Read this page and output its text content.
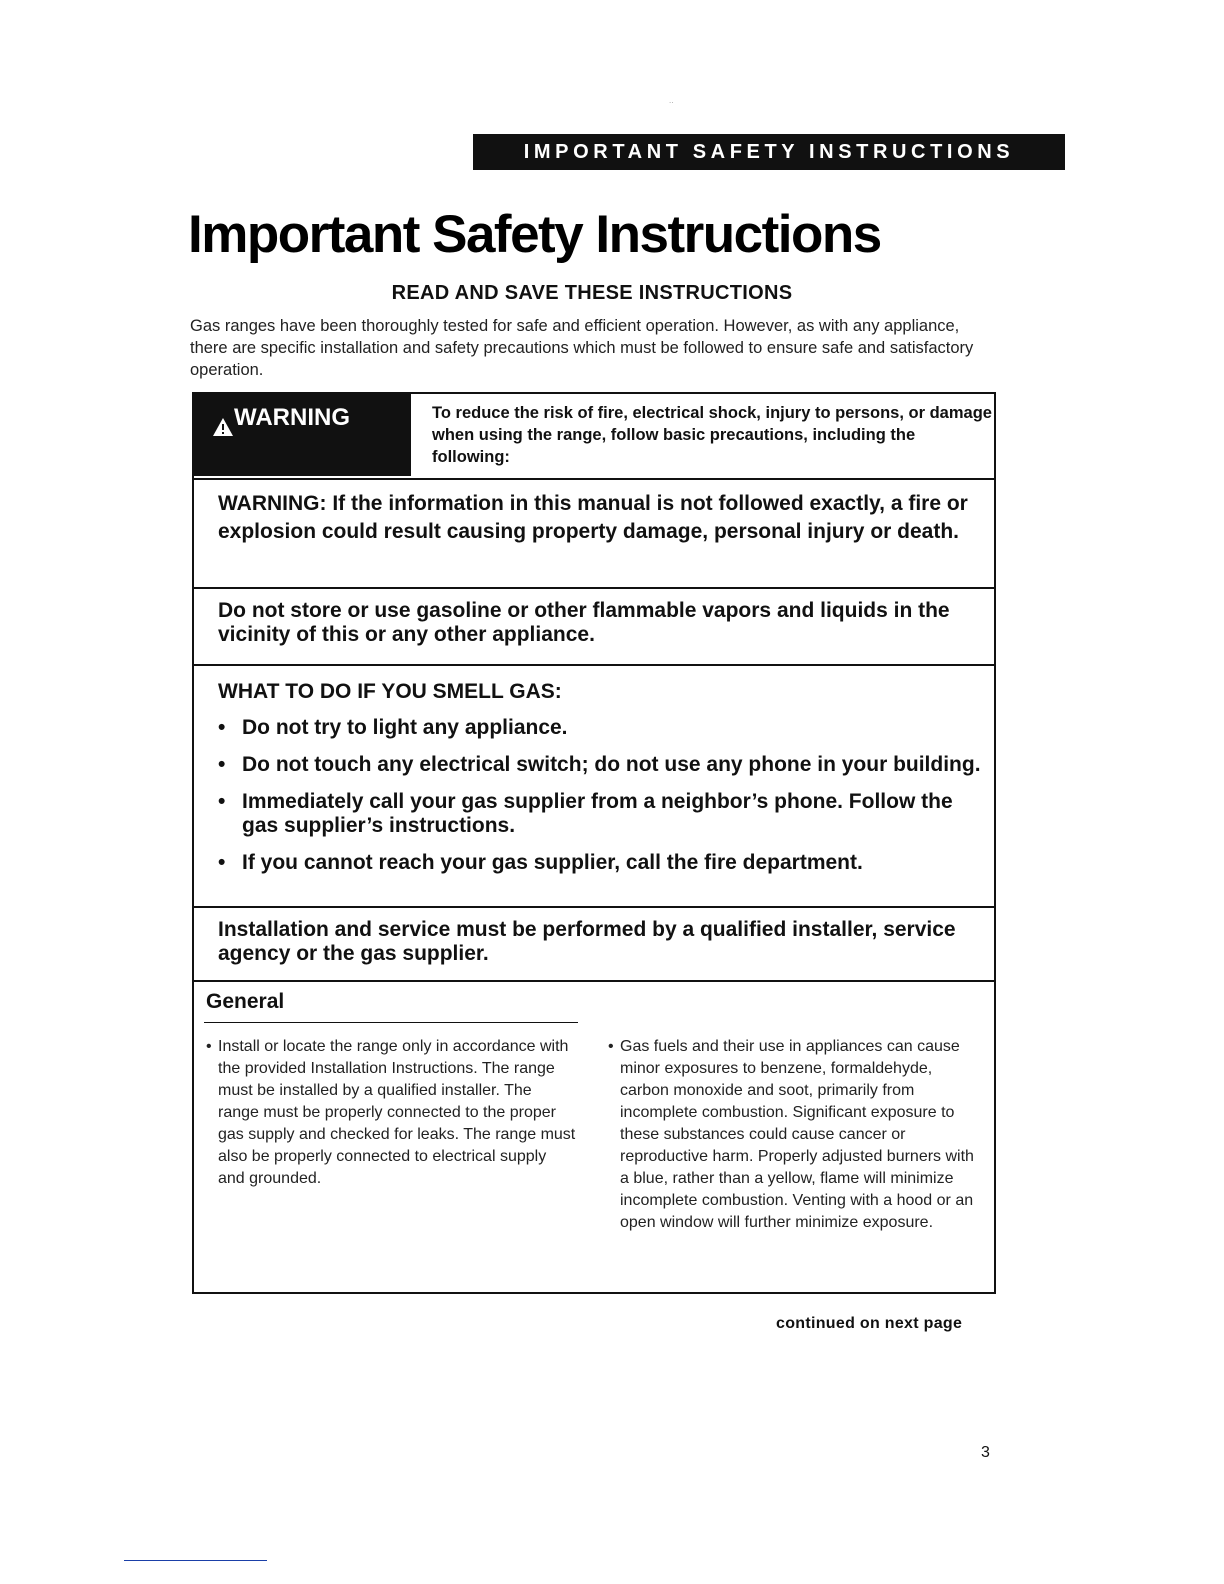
..
IMPORTANT SAFETY INSTRUCTIONS
Important Safety Instructions
READ AND SAVE THESE INSTRUCTIONS

Gas ranges have been thoroughly tested for safe and efficient operation. However, as with any appliance, there are specific installation and safety precautions which must be followed to ensure safe and satisfactory operation.

WARNING	To reduce the risk of fire, electrical shock, injury to persons, or damage when using the range, follow basic precautions, including the following:

WARNING: If the information in this manual is not followed exactly, a fire or explosion could result causing property damage, personal injury or death.

Do not store or use gasoline or other flammable vapors and liquids in the vicinity of this or any other appliance.

WHAT TO DO IF YOU SMELL GAS:
• Do not try to light any appliance.
• Do not touch any electrical switch; do not use any phone in your building.
• Immediately call your gas supplier from a neighbor’s phone. Follow the gas supplier’s instructions.
• If you cannot reach your gas supplier, call the fire department.

Installation and service must be performed by a qualified installer, service agency or the gas supplier.

General

• Install or locate the range only in accordance with the provided Installation Instructions. The range must be installed by a qualified installer. The range must be properly connected to the proper gas supply and checked for leaks. The range must also be properly connected to electrical supply and grounded.

• Gas fuels and their use in appliances can cause minor exposures to benzene, formaldehyde, carbon monoxide and soot, primarily from incomplete combustion. Significant exposure to these substances could cause cancer or reproductive harm. Properly adjusted burners with a blue, rather than a yellow, flame will minimize incomplete combustion. Venting with a hood or an open window will further minimize exposure.

continued on next page
3
